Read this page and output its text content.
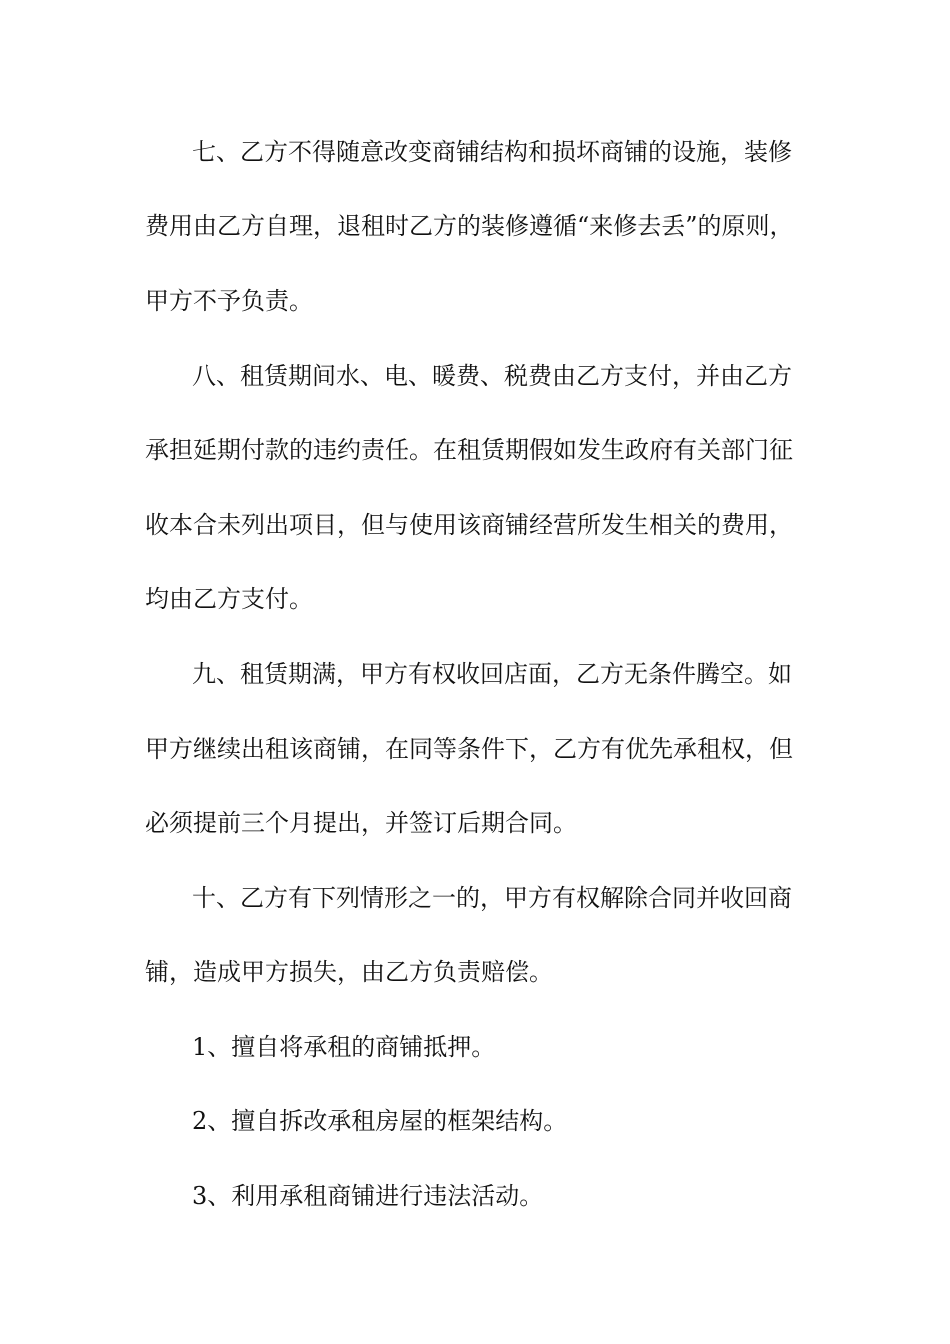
七、乙方不得随意改变商铺结构和损坏商铺的设施，装修

费用由乙方自理，退租时乙方的装修遵循“来修去丢”的原则，

甲方不予负责。

八、租赁期间水、电、暖费、税费由乙方支付，并由乙方

承担延期付款的违约责任。在租赁期假如发生政府有关部门征

收本合未列出项目，但与使用该商铺经营所发生相关的费用，

均由乙方支付。

九、租赁期满，甲方有权收回店面，乙方无条件腾空。如

甲方继续出租该商铺，在同等条件下，乙方有优先承租权，但

必须提前三个月提出，并签订后期合同。

十、乙方有下列情形之一的，甲方有权解除合同并收回商

铺，造成甲方损失，由乙方负责赔偿。

1、擅自将承租的商铺抵押。

2、擅自拆改承租房屋的框架结构。

3、利用承租商铺进行违法活动。
